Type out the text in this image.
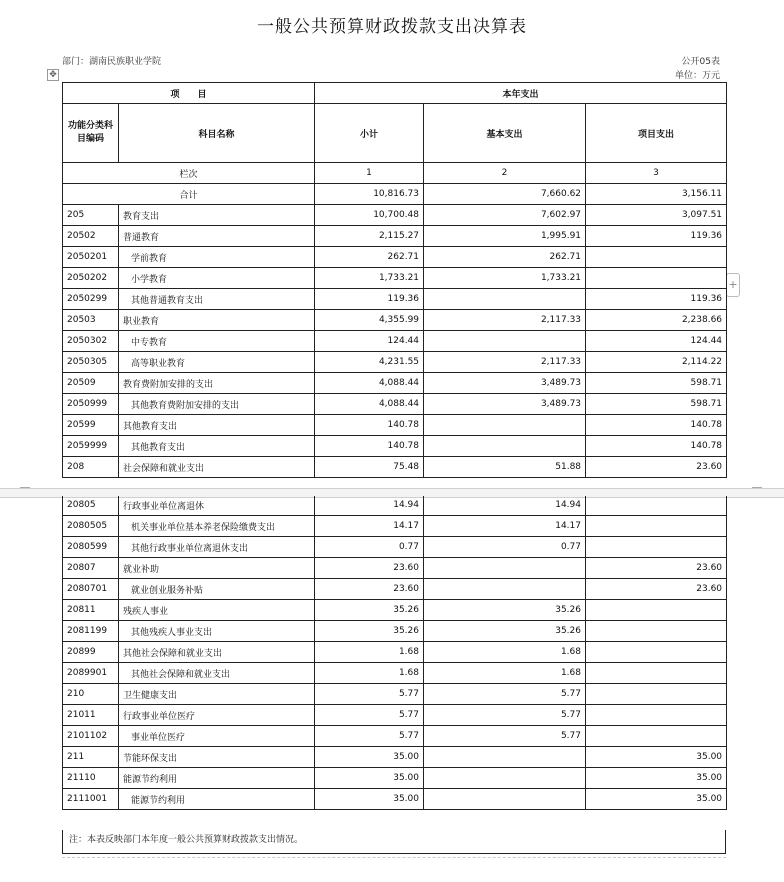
一般公共预算财政拨款支出决算表
部门：湖南民族职业学院	公开05表
单位：万元
✥
+
项　　目		本年支出		
功能分类科目编码	科目名称	小计	基本支出	项目支出
栏次		1	2	3
合计		10,816.73	7,660.62	3,156.11
205	教育支出	10,700.48	7,602.97	3,097.51
20502	普通教育	2,115.27	1,995.91	119.36
2050201	学前教育	262.71	262.71	
2050202	小学教育	1,733.21	1,733.21	
2050299	其他普通教育支出	119.36		119.36
20503	职业教育	4,355.99	2,117.33	2,238.66
2050302	中专教育	124.44		124.44
2050305	高等职业教育	4,231.55	2,117.33	2,114.22
20509	教育费附加安排的支出	4,088.44	3,489.73	598.71
2050999	其他教育费附加安排的支出	4,088.44	3,489.73	598.71
20599	其他教育支出	140.78		140.78
2059999	其他教育支出	140.78		140.78
208	社会保障和就业支出	75.48	51.88	23.60

20805	行政事业单位离退休	14.94	14.94	
2080505	机关事业单位基本养老保险缴费支出	14.17	14.17	
2080599	其他行政事业单位离退休支出	0.77	0.77	
20807	就业补助	23.60		23.60
2080701	就业创业服务补贴	23.60		23.60
20811	残疾人事业	35.26	35.26	
2081199	其他残疾人事业支出	35.26	35.26	
20899	其他社会保障和就业支出	1.68	1.68	
2089901	其他社会保障和就业支出	1.68	1.68	
210	卫生健康支出	5.77	5.77	
21011	行政事业单位医疗	5.77	5.77	
2101102	事业单位医疗	5.77	5.77	
211	节能环保支出	35.00		35.00
21110	能源节约利用	35.00		35.00
2111001	能源节约利用	35.00		35.00
注：本表反映部门本年度一般公共预算财政拨款支出情况。
